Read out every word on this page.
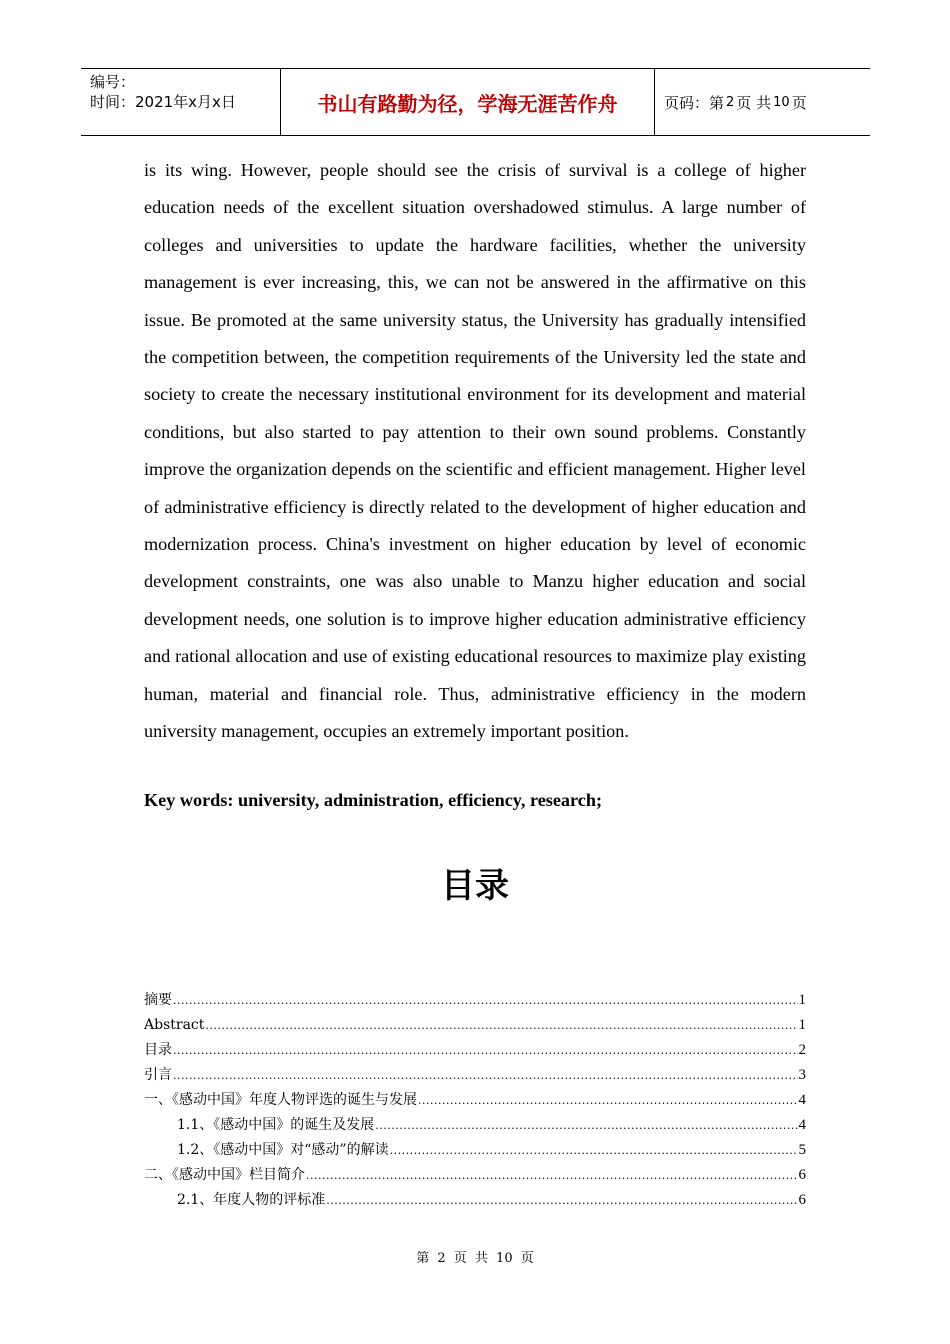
编号：
时间：2021年x月x日	书山有路勤为径，学海无涯苦作舟	页码：第 2 页 共 10 页

is its wing. However, people should see the crisis of survival is a college of higher education needs of the excellent situation overshadowed stimulus. A large number of colleges and universities to update the hardware facilities, whether the university management is ever increasing, this, we can not be answered in the affirmative on this issue. Be promoted at the same university status, the University has gradually intensified the competition between, the competition requirements of the University led the state and society to create the necessary institutional environment for its development and material conditions, but also started to pay attention to their own sound problems. Constantly improve the organization depends on the scientific and efficient management. Higher level of administrative efficiency is directly related to the development of higher education and modernization process. China's investment on higher education by level of economic development constraints, one was also unable to Manzu higher education and social development needs, one solution is to improve higher education administrative efficiency and rational allocation and use of existing educational resources to maximize play existing human, material and financial role. Thus, administrative efficiency in the modern university management, occupies an extremely important position.

Key words: university, administration, efficiency, research;

目录
摘要 .....	1
Abstract .....	1
目录 .....	2
引言 .....	3
一、《感动中国》年度人物评选的诞生与发展 .....	4
1.1、《感动中国》的诞生及发展 .....	4
1.2、《感动中国》对“感动”的解读 .....	5
二、《感动中国》栏目简介 .....	6
2.1、年度人物的评标准 .....	6
第 2 页 共 10 页
